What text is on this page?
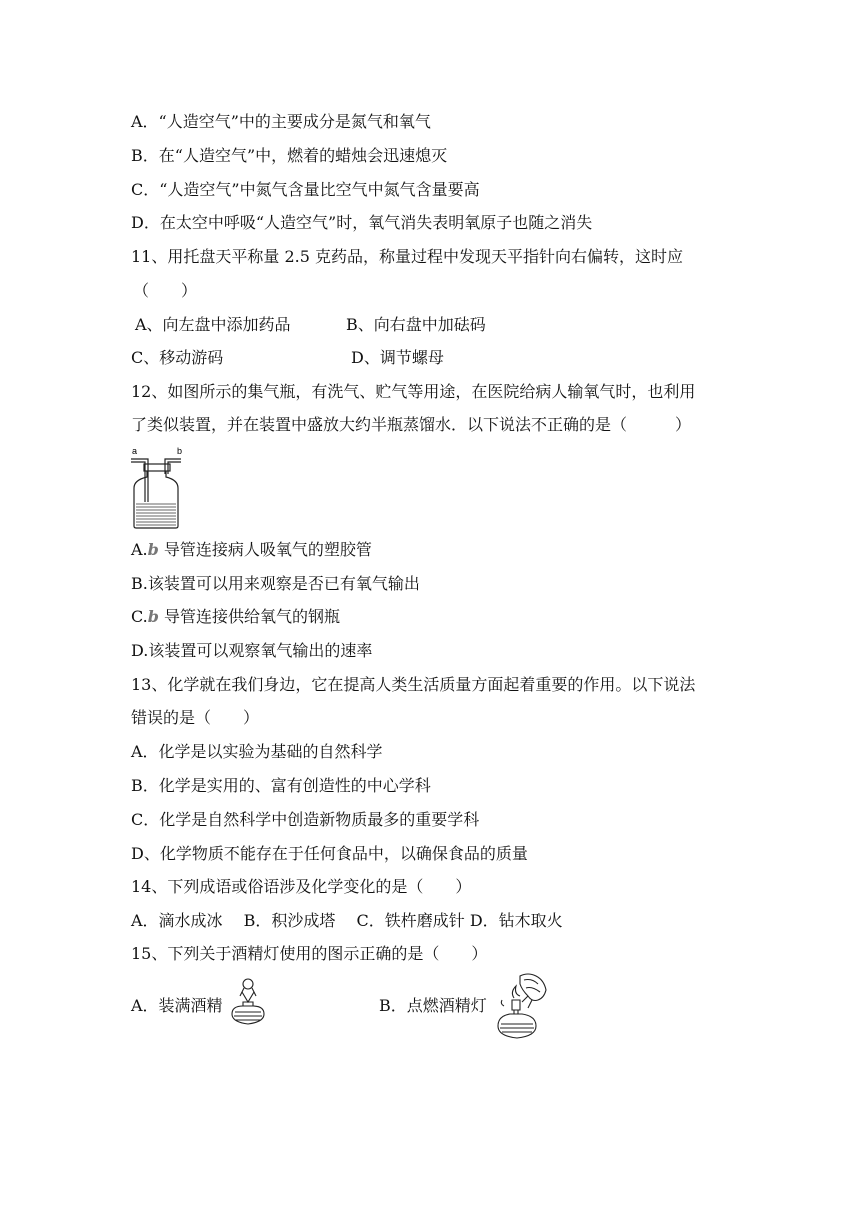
A．“人造空气”中的主要成分是氮气和氧气
B．在“人造空气”中，燃着的蜡烛会迅速熄灭
C．“人造空气”中氮气含量比空气中氮气含量要高
D．在太空中呼吸“人造空气”时，氧气消失表明氧原子也随之消失
11、用托盘天平称量 2.5 克药品，称量过程中发现天平指针向右偏转，这时应
（　　）
A、向左盘中添加药品	B、向右盘中加砝码
C、移动游码	D、调节螺母
12、如图所示的集气瓶，有洗气、贮气等用途，在医院给病人输氧气时，也利用
了类似装置，并在装置中盛放大约半瓶蒸馏水．以下说法不正确的是（　　　）
a	b
A.b 导管连接病人吸氧气的塑胶管
B.该装置可以用来观察是否已有氧气输出
C.b 导管连接供给氧气的钢瓶
D.该装置可以观察氧气输出的速率
13、化学就在我们身边，它在提高人类生活质量方面起着重要的作用。以下说法
错误的是（　　）
A．化学是以实验为基础的自然科学
B．化学是实用的、富有创造性的中心学科
C．化学是自然科学中创造新物质最多的重要学科
D、化学物质不能存在于任何食品中，以确保食品的质量
14、下列成语或俗语涉及化学变化的是（　　）
A．滴水成冰　 B．积沙成塔　 C．铁杵磨成针 D．钻木取火
15、下列关于酒精灯使用的图示正确的是（　　）
A．装满酒精	B．点燃酒精灯
